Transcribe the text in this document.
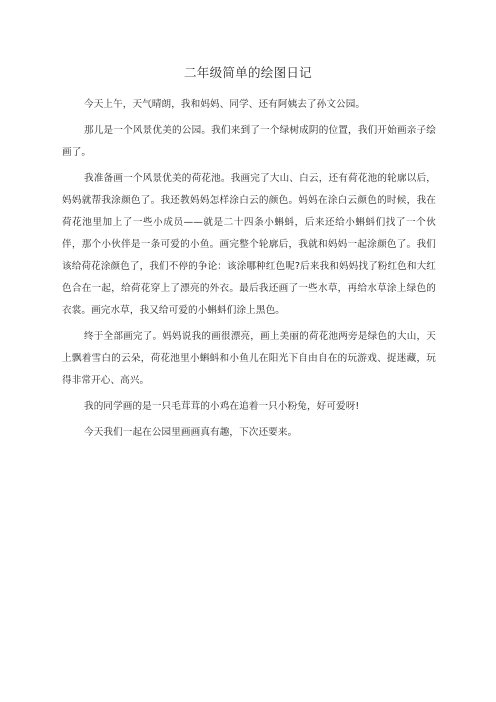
二年级简单的绘图日记

今天上午，天气晴朗，我和妈妈、同学、还有阿姨去了孙文公园。

那儿是一个风景优美的公园。我们来到了一个绿树成阴的位置，我们开始画亲子绘画了。

我准备画一个风景优美的荷花池。我画完了大山、白云，还有荷花池的轮廓以后，妈妈就帮我涂颜色了。我还教妈妈怎样涂白云的颜色。妈妈在涂白云颜色的时候，我在荷花池里加上了一些小成员——就是二十四条小蝌蚪，后来还给小蝌蚪们找了一个伙伴，那个小伙伴是一条可爱的小鱼。画完整个轮廓后，我就和妈妈一起涂颜色了。我们该给荷花涂颜色了，我们不停的争论：该涂哪种红色呢?后来我和妈妈找了粉红色和大红色合在一起，给荷花穿上了漂亮的外衣。最后我还画了一些水草，再给水草涂上绿色的衣裳。画完水草，我又给可爱的小蝌蚪们涂上黑色。

终于全部画完了。妈妈说我的画很漂亮，画上美丽的荷花池两旁是绿色的大山，天上飘着雪白的云朵，荷花池里小蝌蚪和小鱼儿在阳光下自由自在的玩游戏、捉迷藏，玩得非常开心、高兴。

我的同学画的是一只毛茸茸的小鸡在追着一只小粉兔，好可爱呀!

今天我们一起在公园里画画真有趣，下次还要来。
